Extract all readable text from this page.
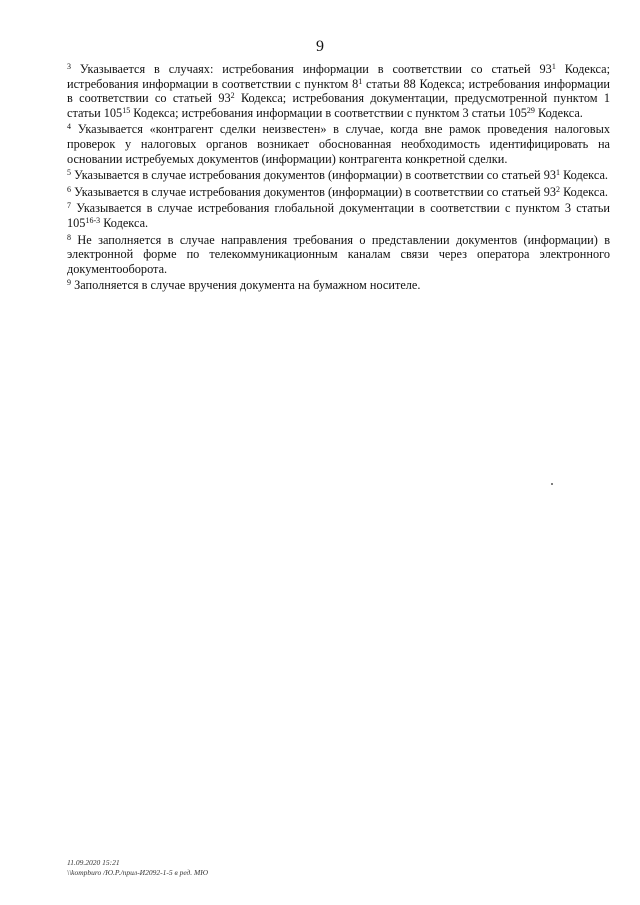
9

$^3$ Указывается в случаях: истребования информации в соответствии со статьей $93^1$ Кодекса; истребования информации в соответствии с пунктом $8^1$ статьи 88 Кодекса; истребования информации в соответствии со статьей $93^2$ Кодекса; истребования документации, предусмотренной пунктом 1 статьи $105^{15}$ Кодекса; истребования информации в соответствии с пунктом 3 статьи $105^{29}$ Кодекса.

$^4$ Указывается «контрагент сделки неизвестен» в случае, когда вне рамок проведения налоговых проверок у налоговых органов возникает обоснованная необходимость идентифицировать на основании истребуемых документов (информации) контрагента конкретной сделки.

$^5$ Указывается в случае истребования документов (информации) в соответствии со статьей $93^1$ Кодекса.

$^6$ Указывается в случае истребования документов (информации) в соответствии со статьей $93^2$ Кодекса.

$^7$ Указывается в случае истребования глобальной документации в соответствии с пунктом 3 статьи 105$^{16-3}$ Кодекса.

$^8$ Не заполняется в случае направления требования о представлении документов (информации) в электронной форме по телекоммуникационным каналам связи через оператора электронного документооборота.

$^9$ Заполняется в случае вручения документа на бумажном носителе.

11.09.2020 15:21
\\kompburo /Ю.Р./прил-И2092-1-5 в ред. МЮ
